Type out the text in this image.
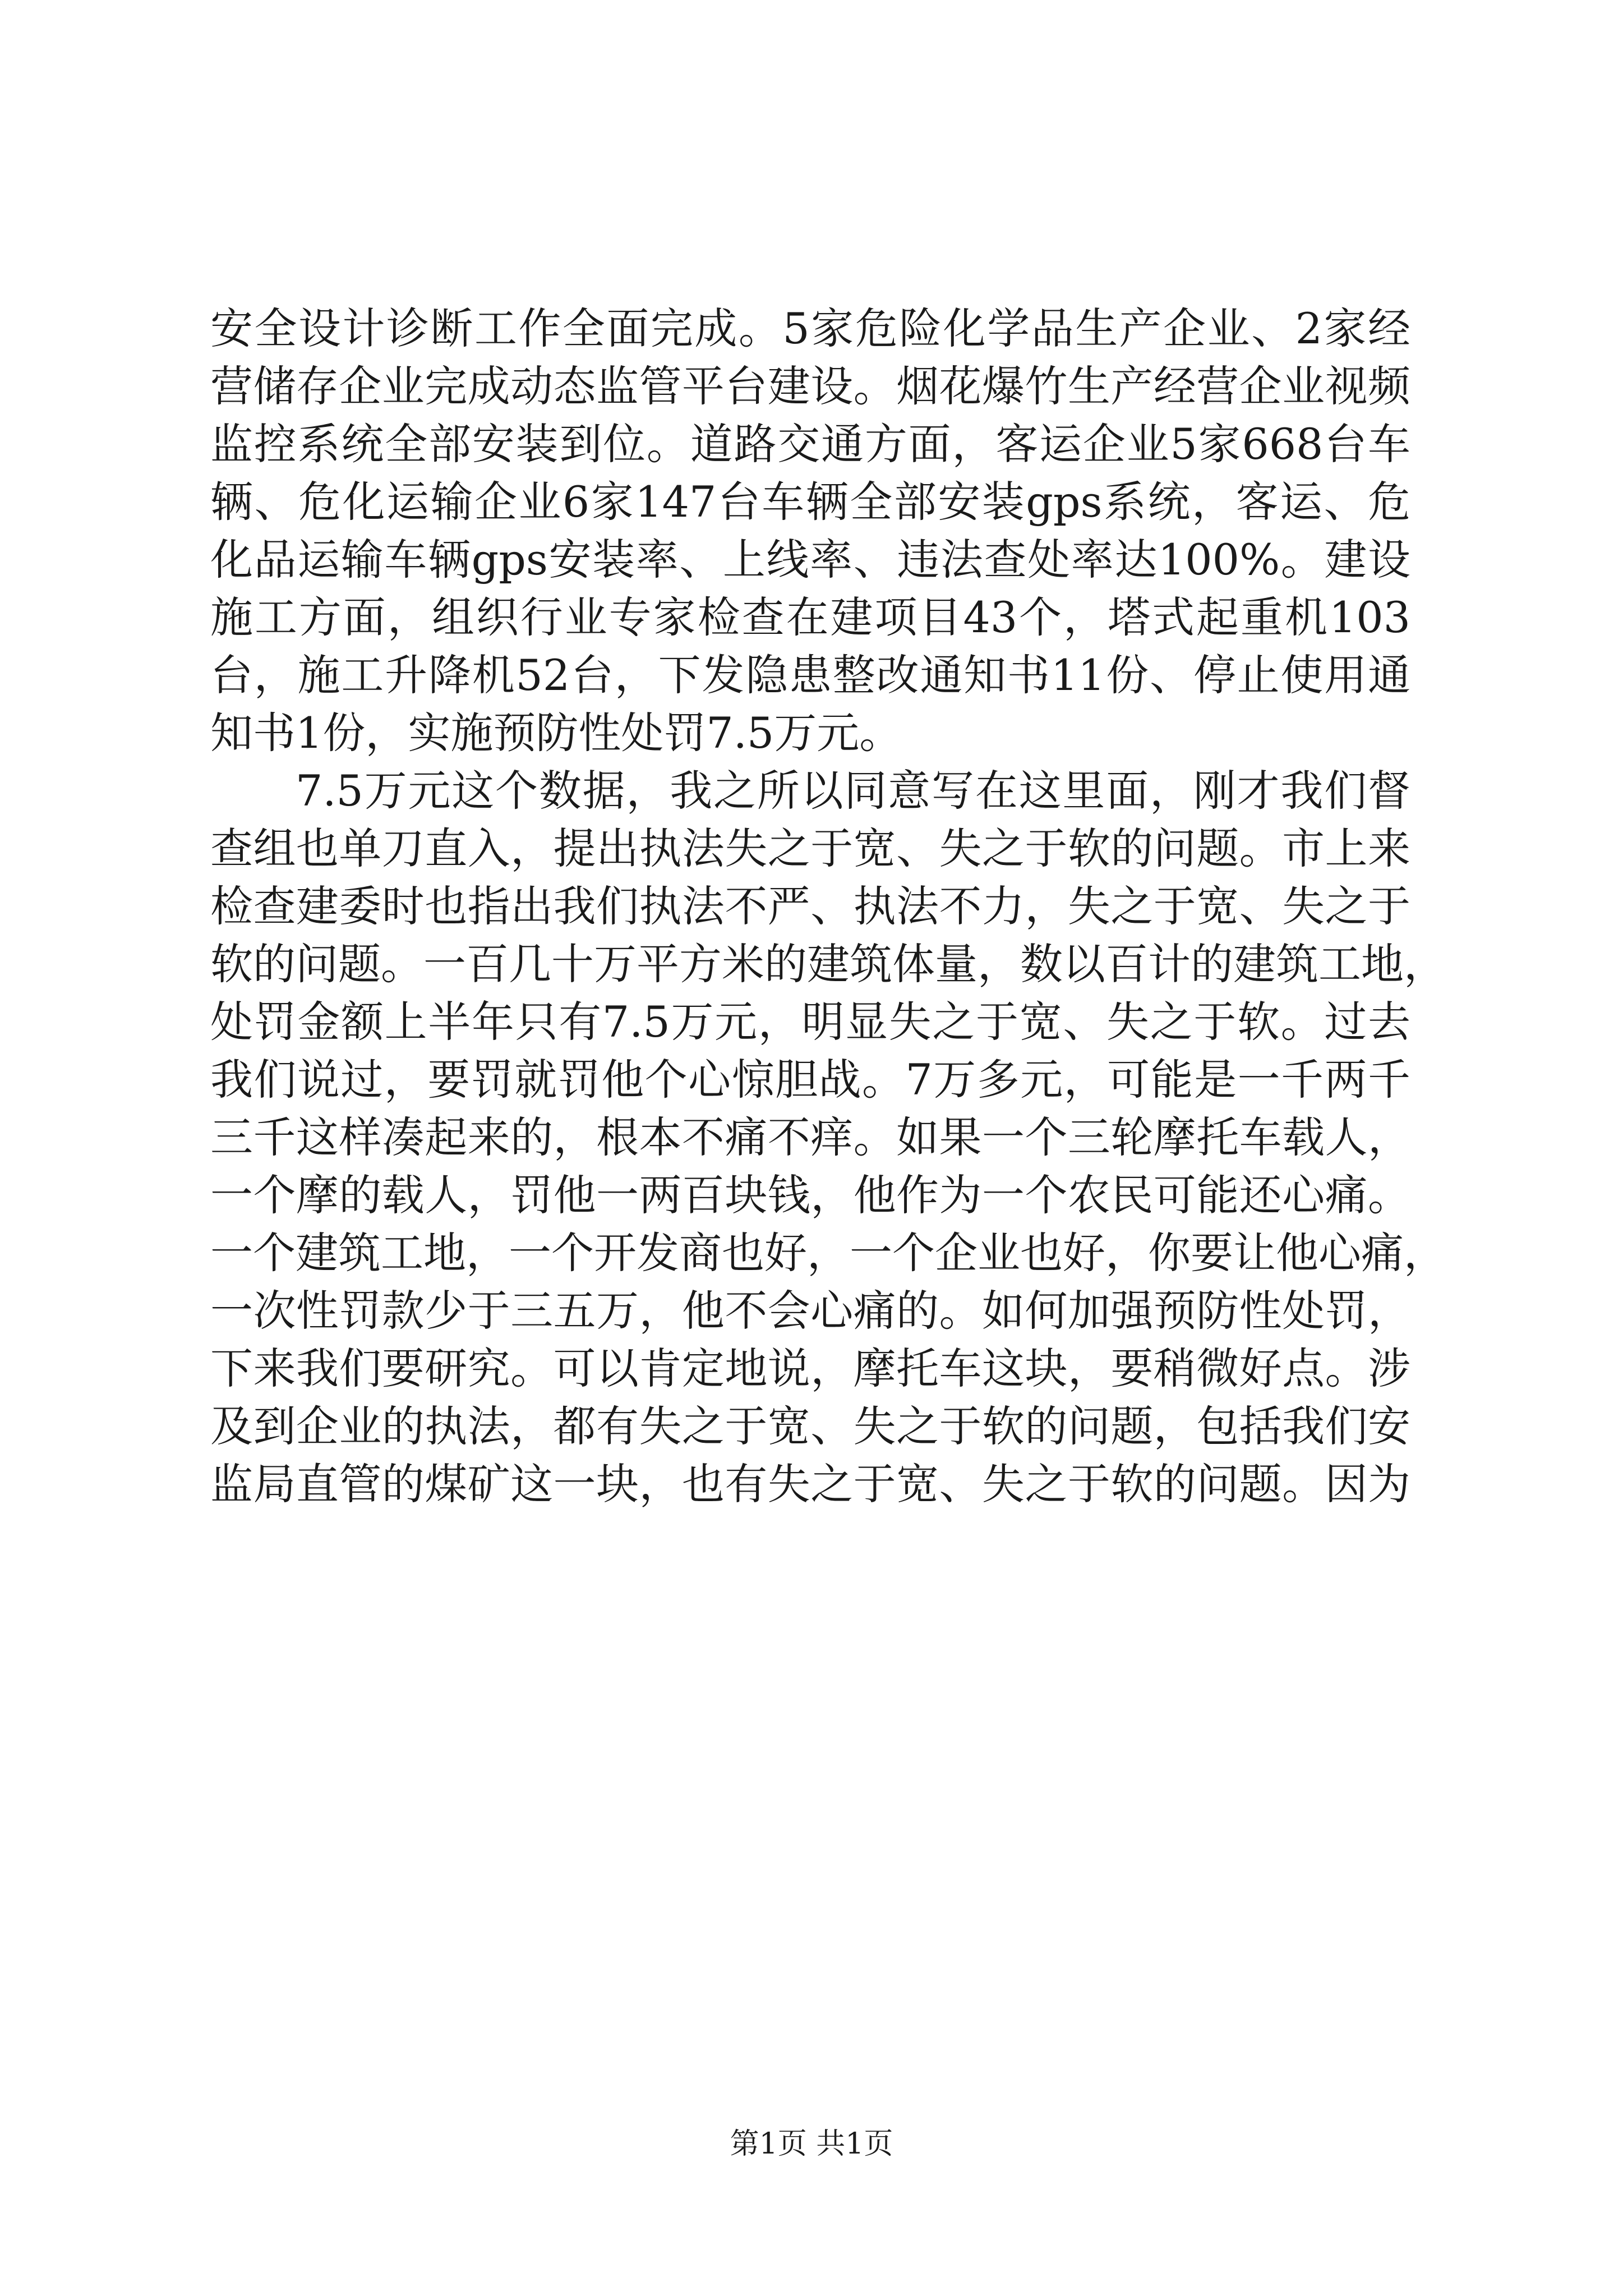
安全设计诊断工作全面完成。5家危险化学品生产企业、2家经
营储存企业完成动态监管平台建设。烟花爆竹生产经营企业视频
监控系统全部安装到位。道路交通方面，客运企业5家668台车
辆、危化运输企业6家147台车辆全部安装gps系统，客运、危
化品运输车辆gps安装率、上线率、违法查处率达100%。建设
施工方面，组织行业专家检查在建项目43个，塔式起重机103
台，施工升降机52台，下发隐患整改通知书11份、停止使用通
知书1份，实施预防性处罚7.5万元。
7.5万元这个数据，我之所以同意写在这里面，刚才我们督
查组也单刀直入，提出执法失之于宽、失之于软的问题。市上来
检查建委时也指出我们执法不严、执法不力，失之于宽、失之于
软的问题。一百几十万平方米的建筑体量，数以百计的建筑工地，
处罚金额上半年只有7.5万元，明显失之于宽、失之于软。过去
我们说过，要罚就罚他个心惊胆战。7万多元，可能是一千两千
三千这样凑起来的，根本不痛不痒。如果一个三轮摩托车载人，
一个摩的载人，罚他一两百块钱，他作为一个农民可能还心痛。
一个建筑工地，一个开发商也好，一个企业也好，你要让他心痛，
一次性罚款少于三五万，他不会心痛的。如何加强预防性处罚，
下来我们要研究。可以肯定地说，摩托车这块，要稍微好点。涉
及到企业的执法，都有失之于宽、失之于软的问题，包括我们安
监局直管的煤矿这一块，也有失之于宽、失之于软的问题。因为
第1页 共1页
